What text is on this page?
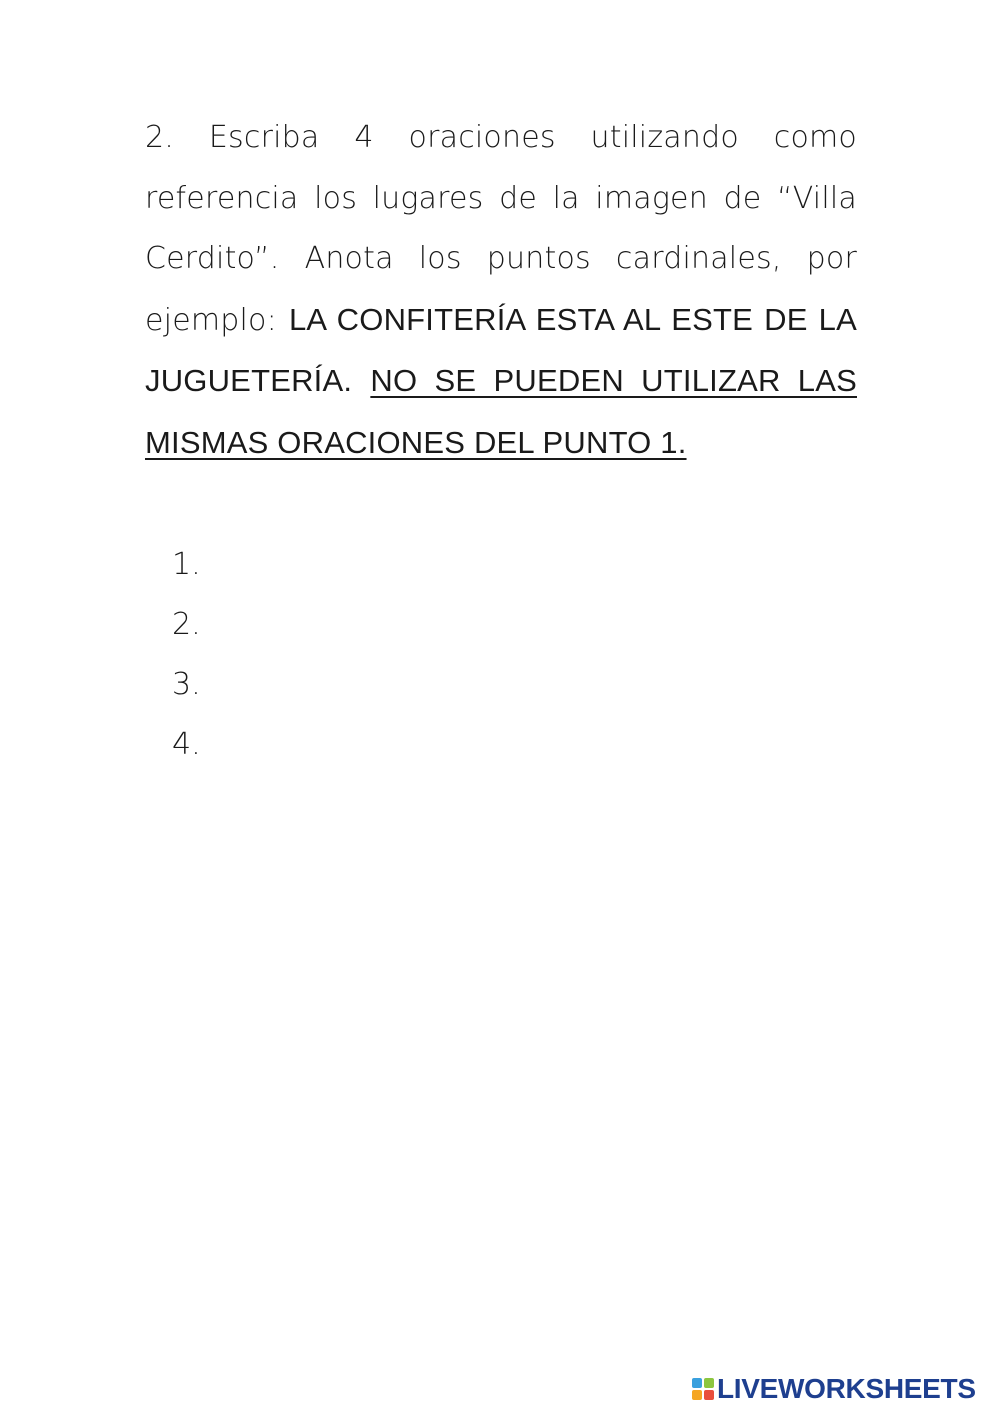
2. Escriba 4 oraciones utilizando como referencia los lugares de la imagen de “Villa Cerdito”. Anota los puntos cardinales, por ejemplo: LA CONFITERÍA ESTA AL ESTE DE LA JUGUETERÍA. NO SE PUEDEN UTILIZAR LAS MISMAS ORACIONES DEL PUNTO 1.

1.
2.
3.
4.
LIVEWORKSHEETS
